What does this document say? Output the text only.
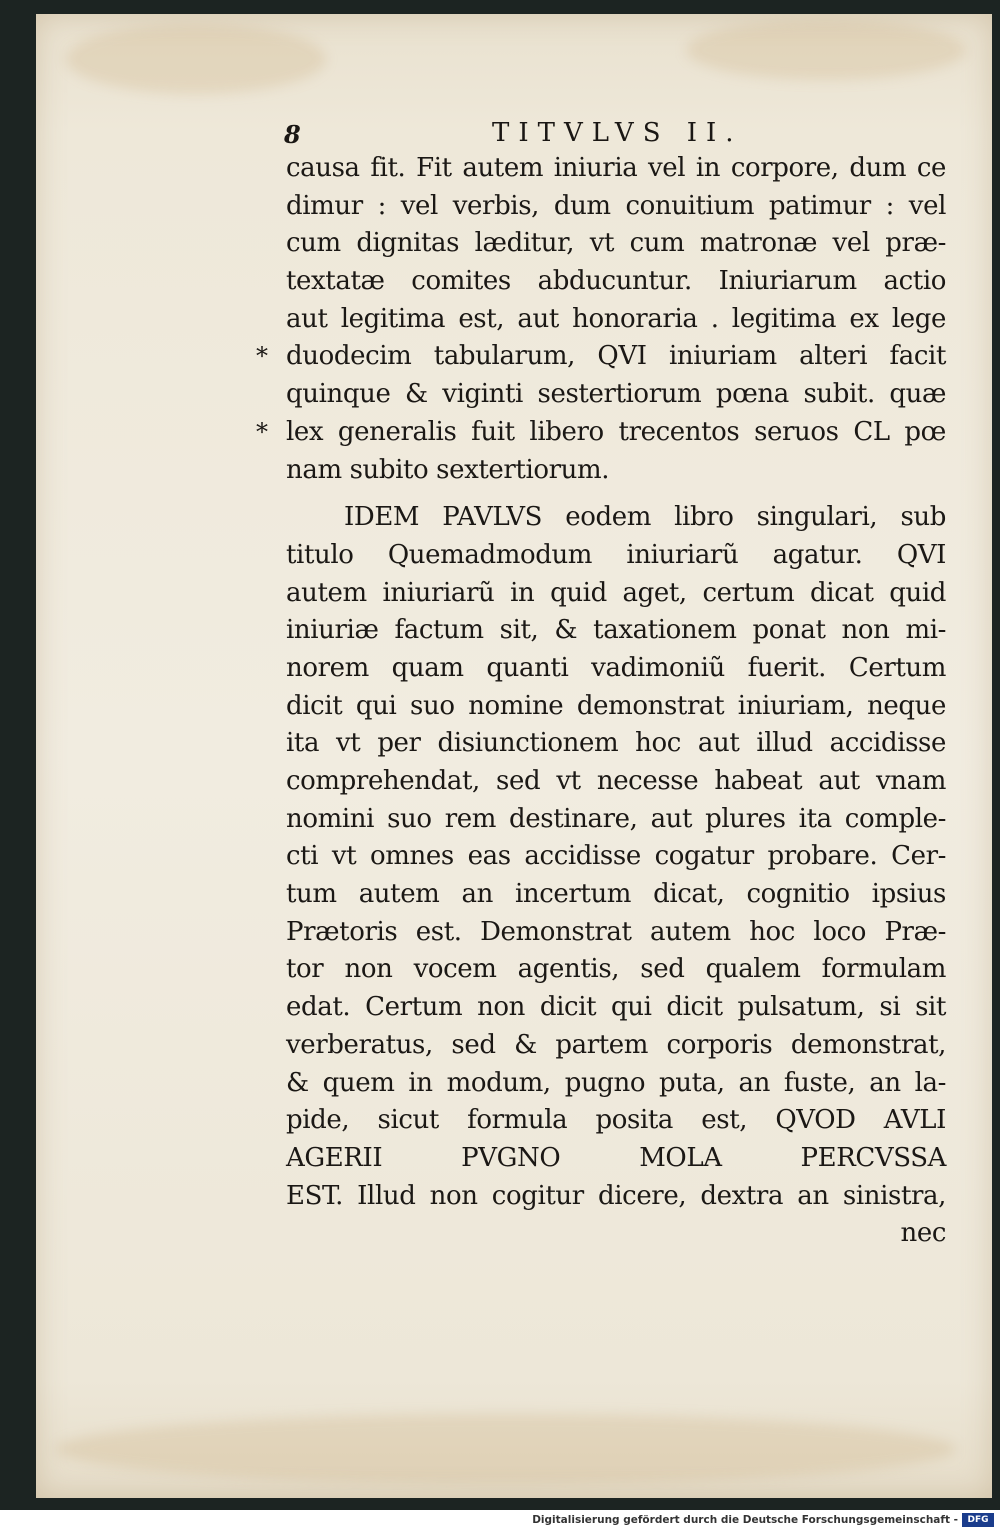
8	TITVLVS II.
causa fit. Fit autem iniuria vel in corpore, dum ce
dimur : vel verbis, dum conuitium patimur : vel
cum dignitas læditur, vt cum matronæ vel præ-
textatæ comites abducuntur. Iniuriarum actio
aut legitima est, aut honoraria . legitima ex lege
* duodecim tabularum, QVI iniuriam alteri facit
quinque & viginti sestertiorum pœna subit. quæ
* lex generalis fuit libero trecentos seruos CL pœ
nam subito sextertiorum.
IDEM PAVLVS eodem libro singulari, sub
titulo Quemadmodum iniuriarũ agatur. QVI
autem iniuriarũ in quid aget, certum dicat quid
iniuriæ factum sit, & taxationem ponat non mi-
norem quam quanti vadimoniũ fuerit. Certum
dicit qui suo nomine demonstrat iniuriam, neque
ita vt per disiunctionem hoc aut illud accidisse
comprehendat, sed vt necesse habeat aut vnam
nomini suo rem destinare, aut plures ita comple-
cti vt omnes eas accidisse cogatur probare. Cer-
tum autem an incertum dicat, cognitio ipsius
Prætoris est. Demonstrat autem hoc loco Præ-
tor non vocem agentis, sed qualem formulam
edat. Certum non dicit qui dicit pulsatum, si sit
verberatus, sed & partem corporis demonstrat,
& quem in modum, pugno puta, an fuste, an la-
pide, sicut formula posita est, QVOD AVLI
AGERII PVGNO MOLA PERCVSSA
EST. Illud non cogitur dicere, dextra an sinistra,
nec
Digitalisierung gefördert durch die Deutsche Forschungsgemeinschaft -	DFG
